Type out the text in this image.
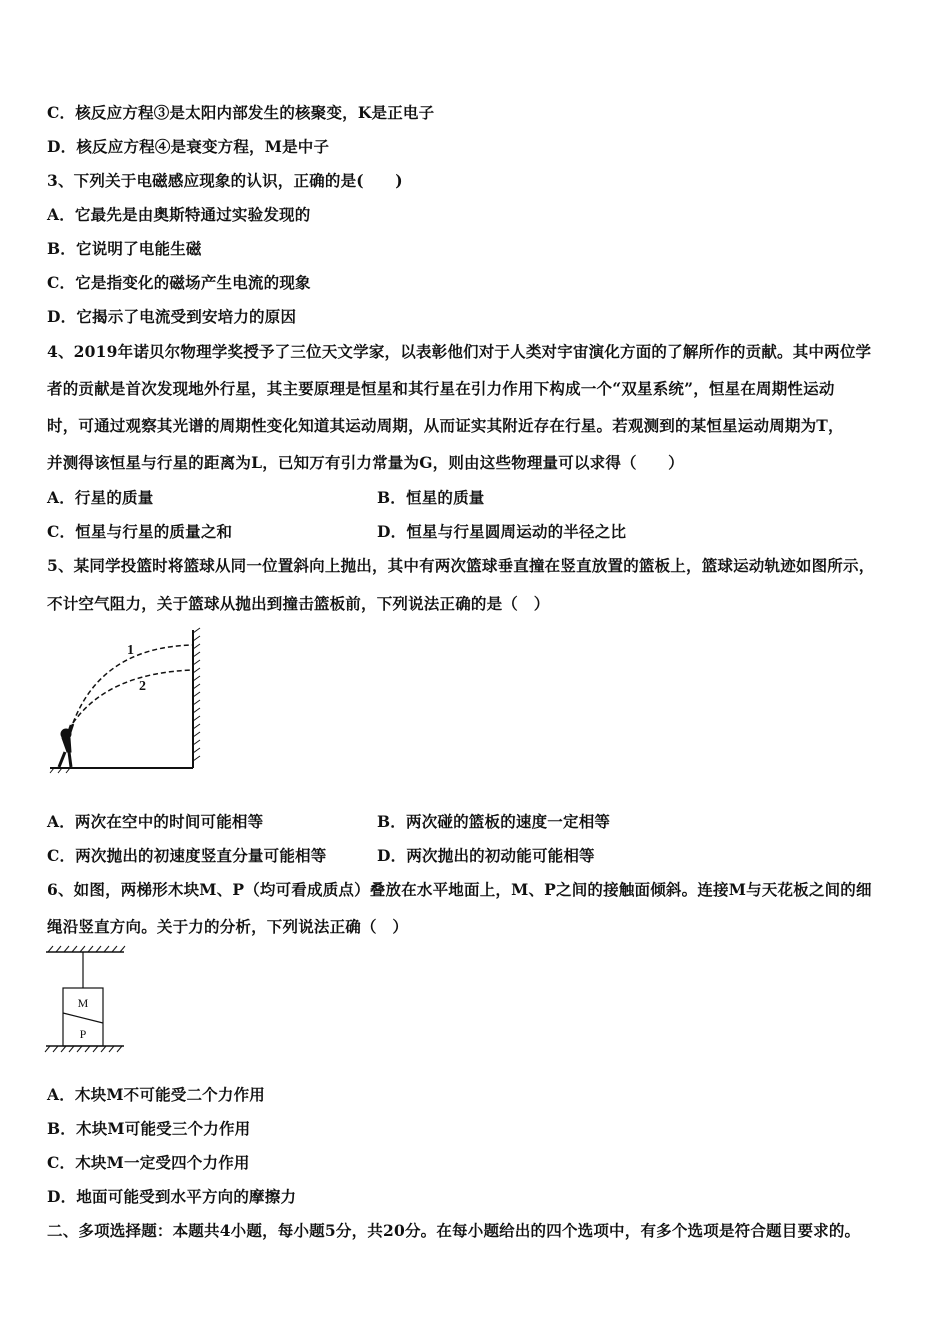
C．核反应方程③是太阳内部发生的核聚变，K是正电子
D．核反应方程④是衰变方程，M是中子
3、下列关于电磁感应现象的认识，正确的是(　　)
A．它最先是由奥斯特通过实验发现的
B．它说明了电能生磁
C．它是指变化的磁场产生电流的现象
D．它揭示了电流受到安培力的原因
4、2019年诺贝尔物理学奖授予了三位天文学家，以表彰他们对于人类对宇宙演化方面的了解所作的贡献。其中两位学
者的贡献是首次发现地外行星，其主要原理是恒星和其行星在引力作用下构成一个“双星系统”，恒星在周期性运动
时，可通过观察其光谱的周期性变化知道其运动周期，从而证实其附近存在行星。若观测到的某恒星运动周期为T，
并测得该恒星与行星的距离为L，已知万有引力常量为G，则由这些物理量可以求得（　　）
A．行星的质量	B．恒星的质量
C．恒星与行星的质量之和	D．恒星与行星圆周运动的半径之比
5、某同学投篮时将篮球从同一位置斜向上抛出，其中有两次篮球垂直撞在竖直放置的篮板上，篮球运动轨迹如图所示，
不计空气阻力，关于篮球从抛出到撞击篮板前，下列说法正确的是（　）
1
2
A．两次在空中的时间可能相等	B．两次碰的篮板的速度一定相等
C．两次抛出的初速度竖直分量可能相等	D．两次抛出的初动能可能相等
6、如图，两梯形木块M、P（均可看成质点）叠放在水平地面上，M、P之间的接触面倾斜。连接M与天花板之间的细
绳沿竖直方向。关于力的分析，下列说法正确（　）
M
P
A．木块M不可能受二个力作用
B．木块M可能受三个力作用
C．木块M一定受四个力作用
D．地面可能受到水平方向的摩擦力
二、多项选择题：本题共4小题，每小题5分，共20分。在每小题给出的四个选项中，有多个选项是符合题目要求的。
